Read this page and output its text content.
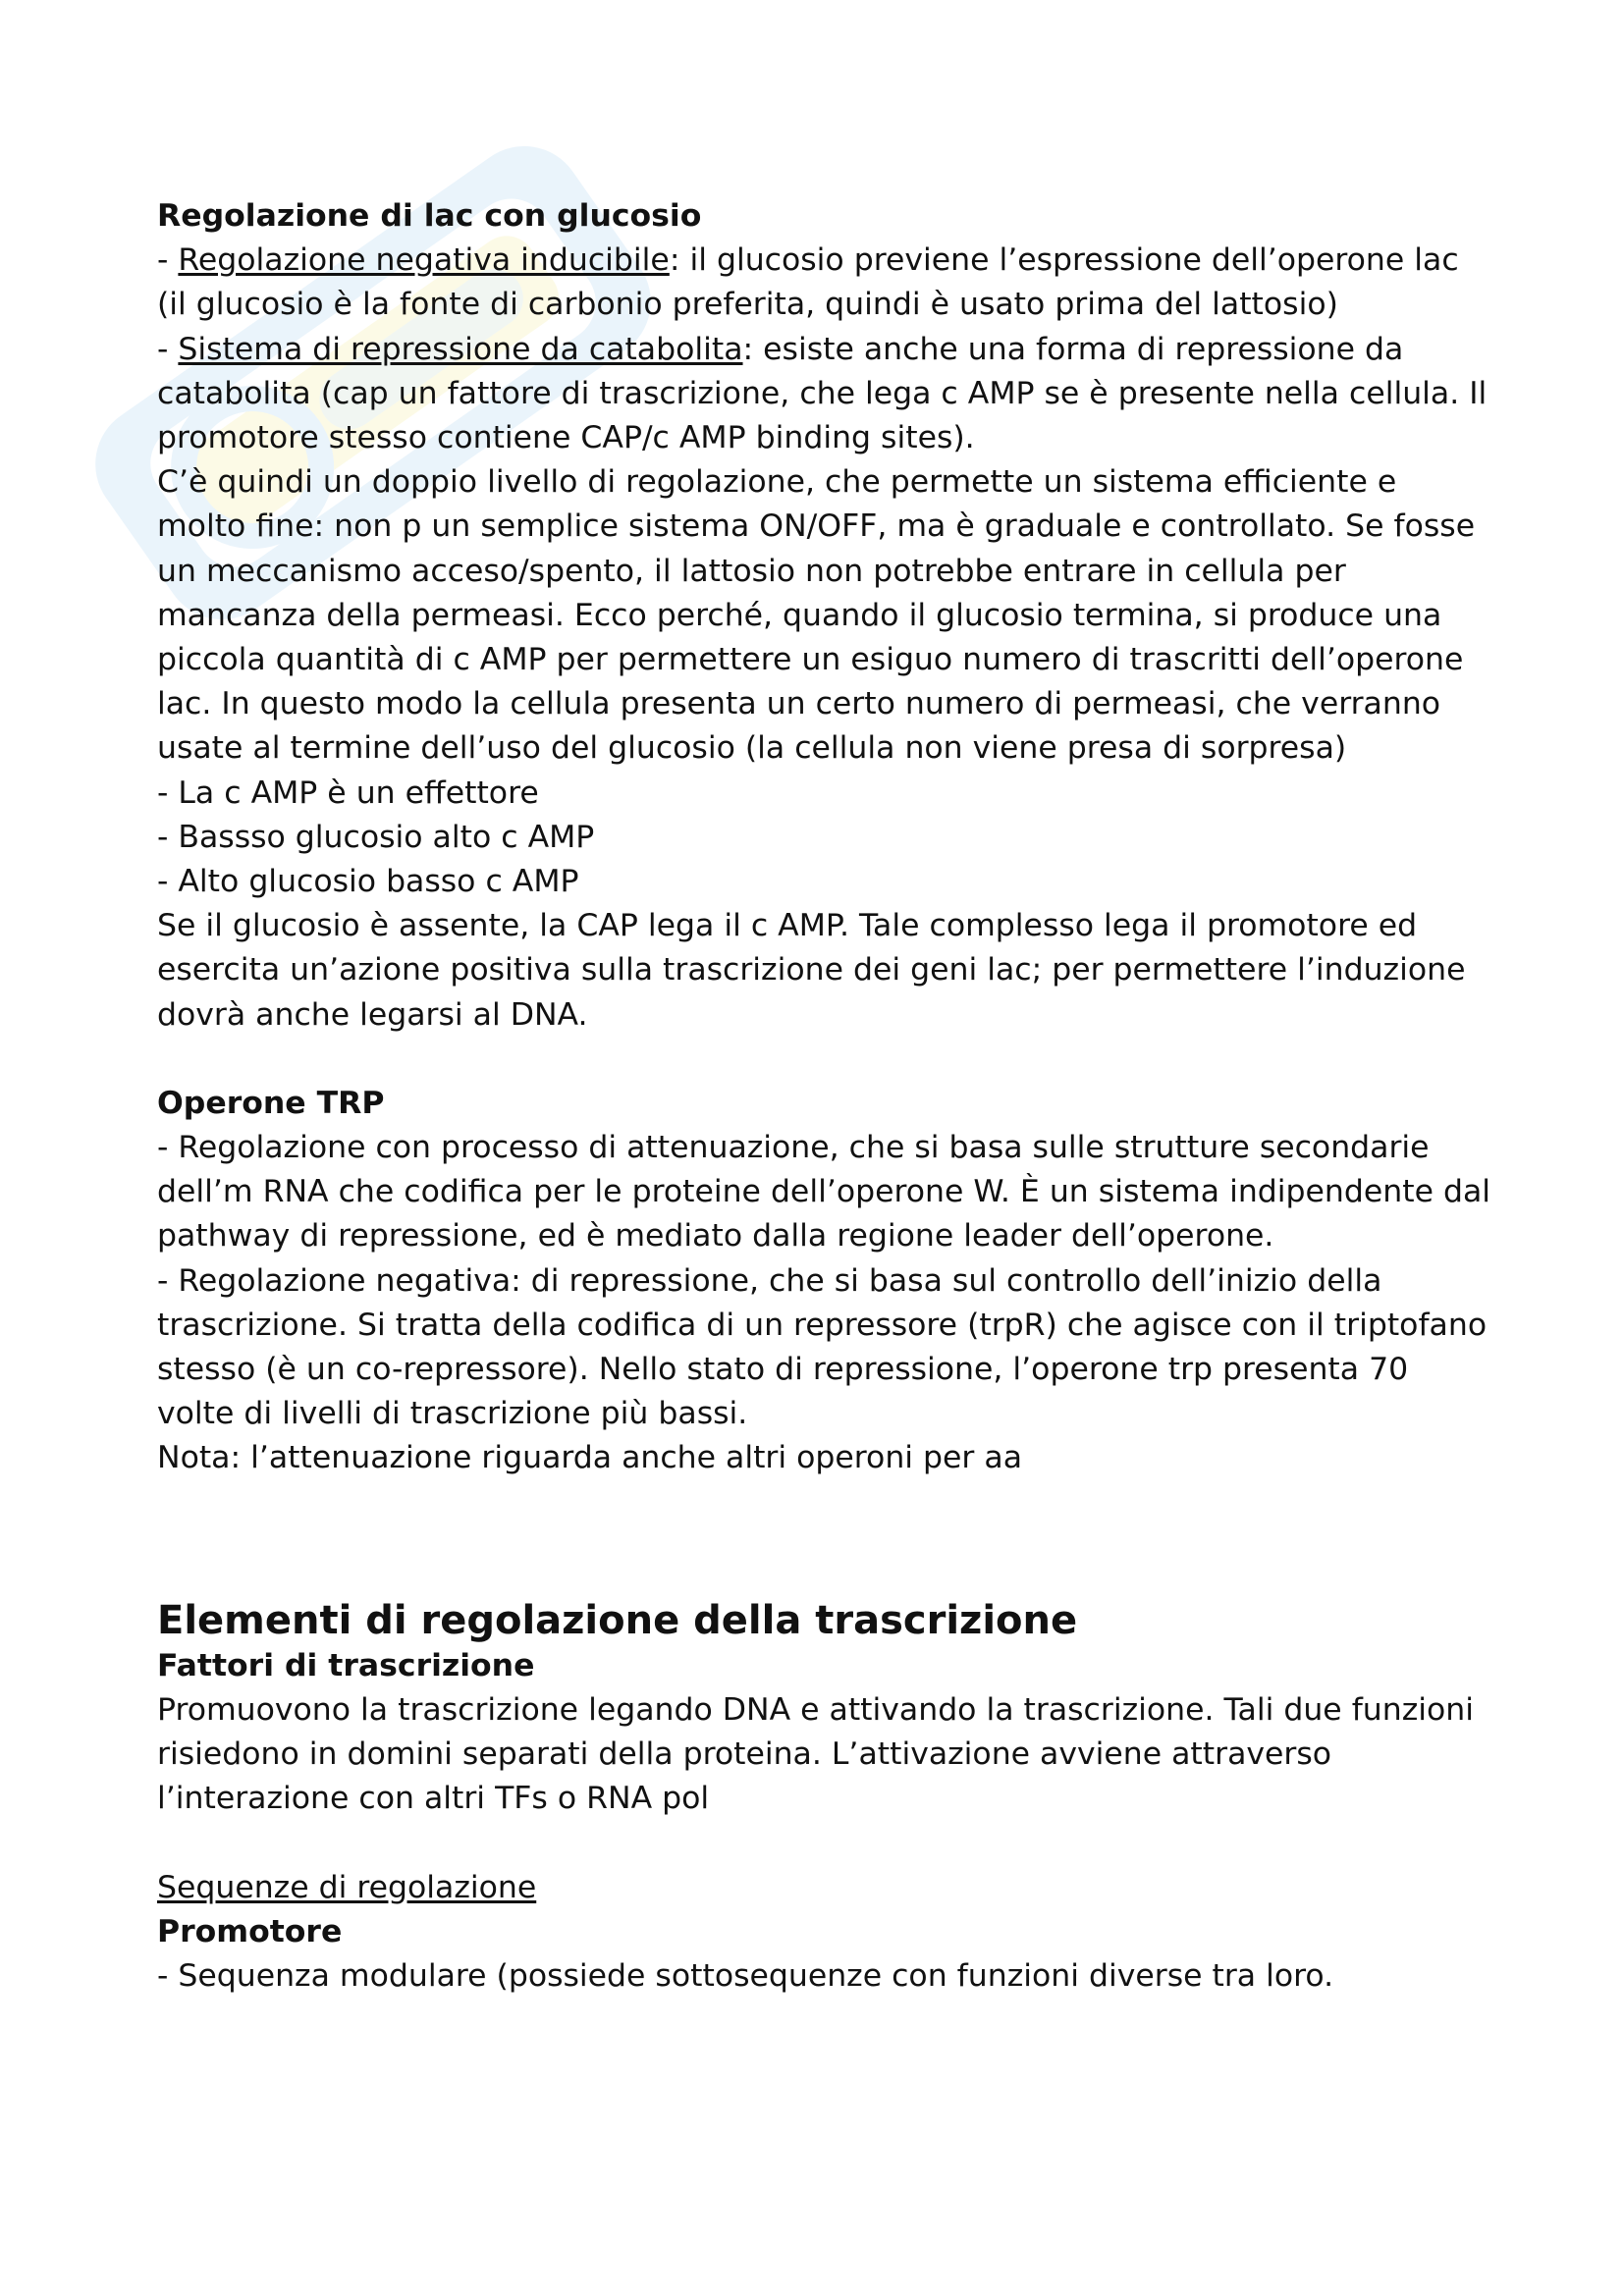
Regolazione di lac con glucosio

- Regolazione negativa inducibile: il glucosio previene l’espressione dell’operone lac (il glucosio è la fonte di carbonio preferita, quindi è usato prima del lattosio)

- Sistema di repressione da catabolita: esiste anche una forma di repressione da catabolita (cap un fattore di trascrizione, che lega c AMP se è presente nella cellula. Il promotore stesso contiene CAP/c AMP binding sites).

C’è quindi un doppio livello di regolazione, che permette un sistema efficiente e molto fine: non p un semplice sistema ON/OFF, ma è graduale e controllato. Se fosse un meccanismo acceso/spento, il lattosio non potrebbe entrare in cellula per mancanza della permeasi. Ecco perché, quando il glucosio termina, si produce una piccola quantità di c AMP per permettere un esiguo numero di trascritti dell’operone lac. In questo modo la cellula presenta un certo numero di permeasi, che verranno usate al termine dell’uso del glucosio (la cellula non viene presa di sorpresa)

- La c AMP è un effettore

- Bassso glucosio alto c AMP

- Alto glucosio basso c AMP

Se il glucosio è assente, la CAP lega il c AMP. Tale complesso lega il promotore ed esercita un’azione positiva sulla trascrizione dei geni lac; per permettere l’induzione dovrà anche legarsi al DNA.

Operone TRP

- Regolazione con processo di attenuazione, che si basa sulle strutture secondarie dell’m RNA che codifica per le proteine dell’operone W. È un sistema indipendente dal pathway di repressione, ed è mediato dalla regione leader dell’operone.

- Regolazione negativa: di repressione, che si basa sul controllo dell’inizio della trascrizione. Si tratta della codifica di un repressore (trpR) che agisce con il triptofano stesso (è un co-repressore). Nello stato di repressione, l’operone trp presenta 70 volte di livelli di trascrizione più bassi.

Nota: l’attenuazione riguarda anche altri operoni per aa

Elementi di regolazione della trascrizione

Fattori di trascrizione

Promuovono la trascrizione legando DNA e attivando la trascrizione. Tali due funzioni risiedono in domini separati della proteina. L’attivazione avviene attraverso l’interazione con altri TFs o RNA pol

Sequenze di regolazione

Promotore

- Sequenza modulare (possiede sottosequenze con funzioni diverse tra loro.
